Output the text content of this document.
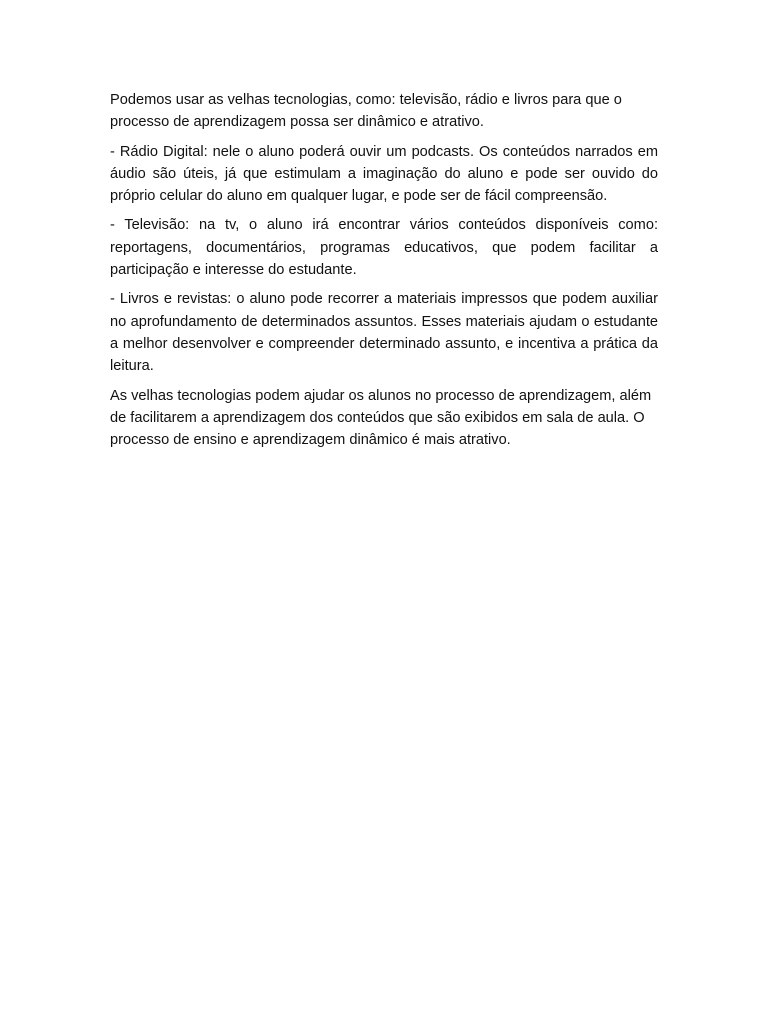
Podemos usar as velhas tecnologias, como: televisão, rádio e livros para que o processo de aprendizagem possa ser dinâmico e atrativo.

- Rádio Digital: nele o aluno poderá ouvir um podcasts. Os conteúdos narrados em áudio são úteis, já que estimulam a imaginação do aluno e pode ser ouvido do próprio celular do aluno em qualquer lugar, e pode ser de fácil compreensão.

- Televisão: na tv, o aluno irá encontrar vários conteúdos disponíveis como: reportagens, documentários, programas educativos, que podem facilitar a participação e interesse do estudante.

- Livros e revistas: o aluno pode recorrer a materiais impressos que podem auxiliar no aprofundamento de determinados assuntos. Esses materiais ajudam o estudante a melhor desenvolver e compreender determinado assunto, e incentiva a prática da leitura.

As velhas tecnologias podem ajudar os alunos no processo de aprendizagem, além de facilitarem a aprendizagem dos conteúdos que são exibidos em sala de aula. O processo de ensino e aprendizagem dinâmico é mais atrativo.
